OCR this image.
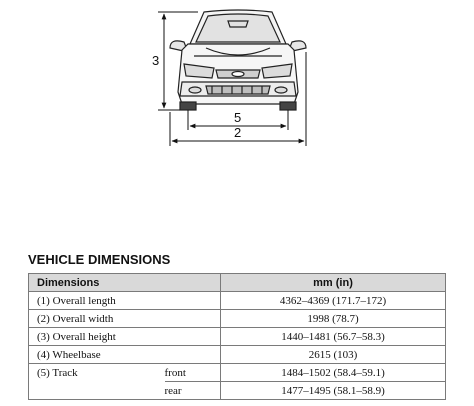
3
5
2
VEHICLE DIMENSIONS
Dimensions		mm (in)
(1) Overall length		4362–4369 (171.7–172)
(2) Overall width		1998 (78.7)
(3) Overall height		1440–1481 (56.7–58.3)
(4) Wheelbase		2615 (103)
(5) Track	front	1484–1502 (58.4–59.1)
	rear	1477–1495 (58.1–58.9)
